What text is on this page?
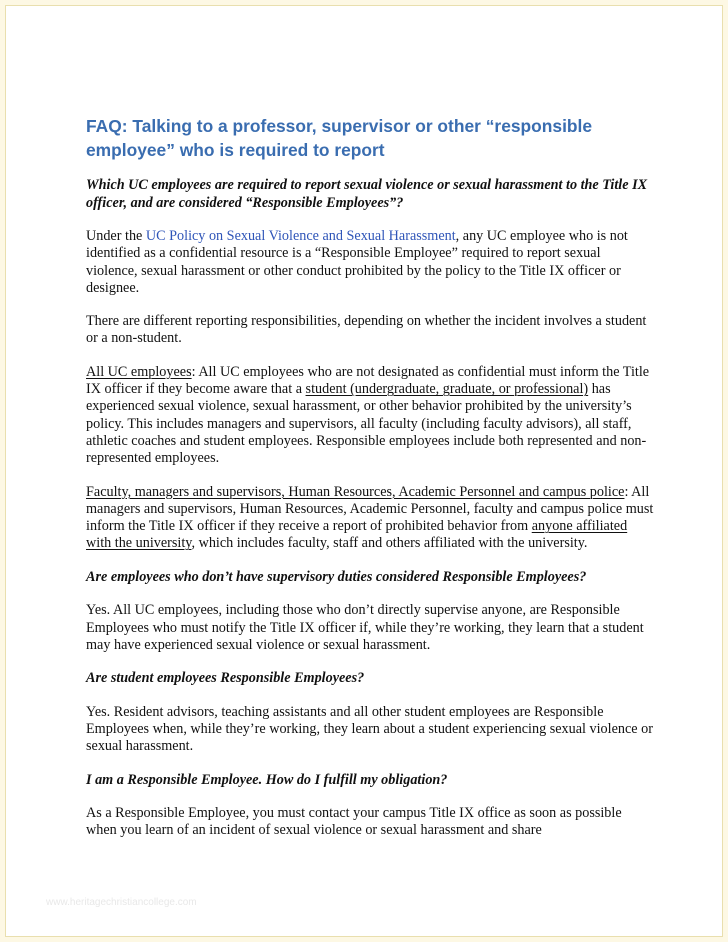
FAQ: Talking to a professor, supervisor or other “responsible employee” who is required to report

Which UC employees are required to report sexual violence or sexual harassment to the Title IX officer, and are considered “Responsible Employees”?

Under the UC Policy on Sexual Violence and Sexual Harassment, any UC employee who is not identified as a confidential resource is a “Responsible Employee” required to report sexual violence, sexual harassment or other conduct prohibited by the policy to the Title IX officer or designee.

There are different reporting responsibilities, depending on whether the incident involves a student or a non-student.

All UC employees: All UC employees who are not designated as confidential must inform the Title IX officer if they become aware that a student (undergraduate, graduate, or professional) has experienced sexual violence, sexual harassment, or other behavior prohibited by the university’s policy. This includes managers and supervisors, all faculty (including faculty advisors), all staff, athletic coaches and student employees. Responsible employees include both represented and non-represented employees.

Faculty, managers and supervisors, Human Resources, Academic Personnel and campus police: All managers and supervisors, Human Resources, Academic Personnel, faculty and campus police must inform the Title IX officer if they receive a report of prohibited behavior from anyone affiliated with the university, which includes faculty, staff and others affiliated with the university.

Are employees who don’t have supervisory duties considered Responsible Employees?

Yes. All UC employees, including those who don’t directly supervise anyone, are Responsible Employees who must notify the Title IX officer if, while they’re working, they learn that a student may have experienced sexual violence or sexual harassment.

Are student employees Responsible Employees?

Yes. Resident advisors, teaching assistants and all other student employees are Responsible Employees when, while they’re working, they learn about a student experiencing sexual violence or sexual harassment.

I am a Responsible Employee. How do I fulfill my obligation?

As a Responsible Employee, you must contact your campus Title IX office as soon as possible when you learn of an incident of sexual violence or sexual harassment and share

www.heritagechristiancollege.com
